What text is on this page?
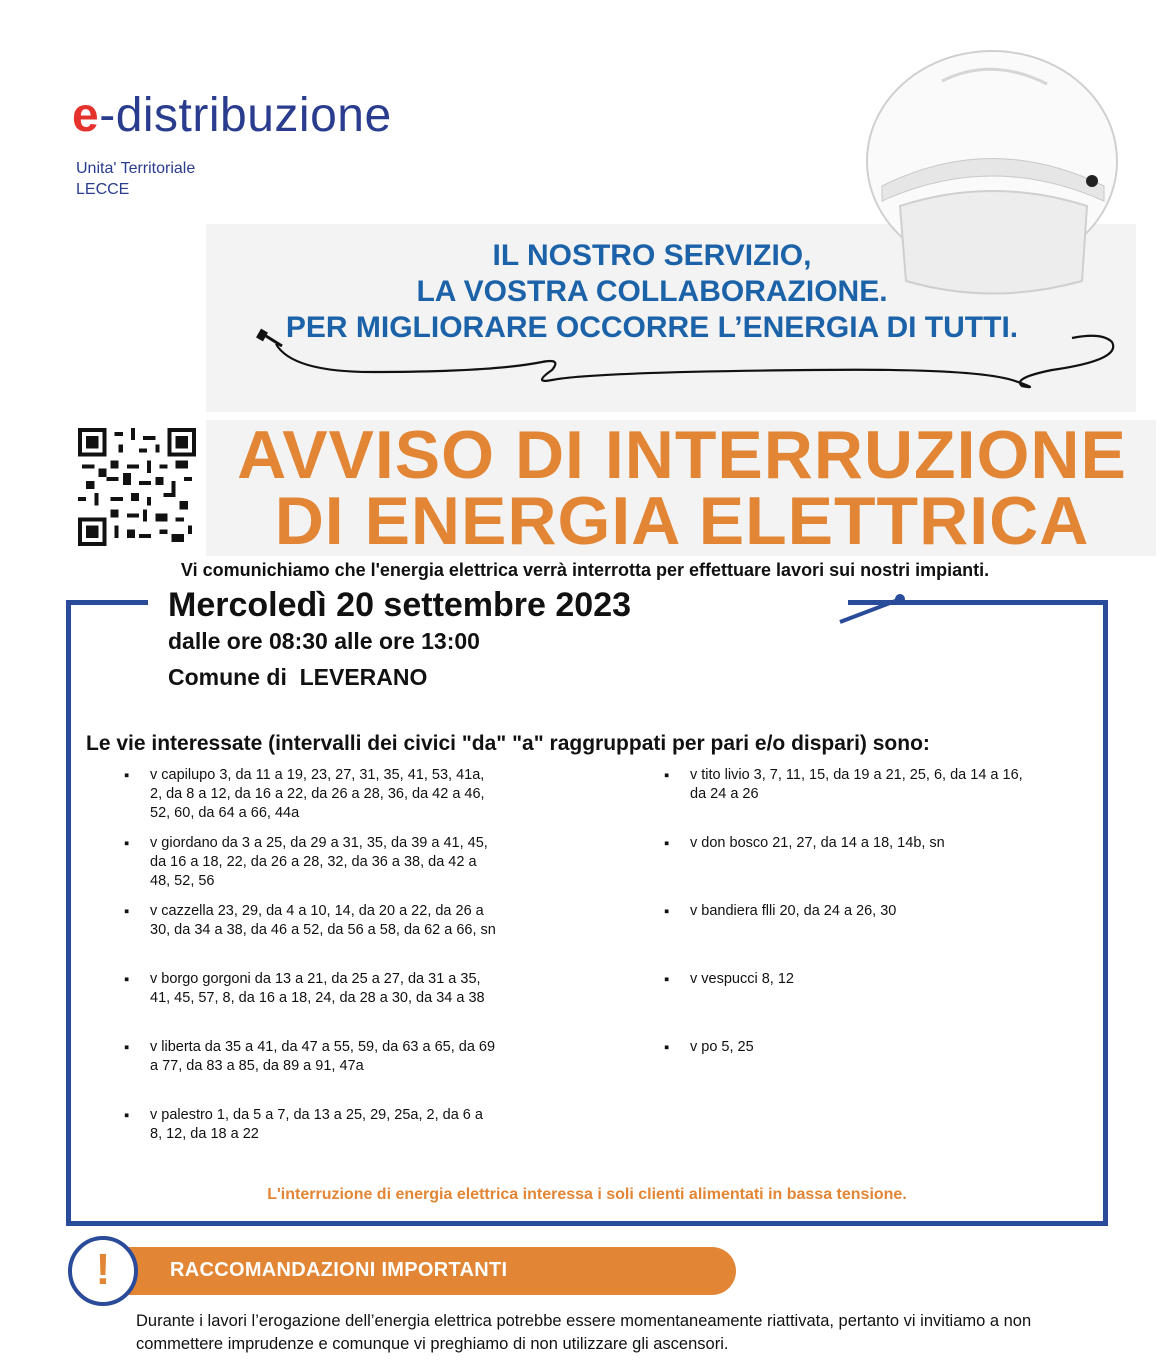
e-distribuzione
Unita' Territoriale
LECCE
IL NOSTRO SERVIZIO,
LA VOSTRA COLLABORAZIONE.
PER MIGLIORARE OCCORRE L’ENERGIA DI TUTTI.
AVVISO DI INTERRUZIONE
DI ENERGIA ELETTRICA
Vi comunichiamo che l'energia elettrica verrà interrotta per effettuare lavori sui nostri impianti.
Mercoledì 20 settembre 2023
dalle ore 08:30 alle ore 13:00
Comune di  LEVERANO
Le vie interessate (intervalli dei civici "da" "a" raggruppati per pari e/o dispari) sono:
▪ v capilupo 3, da 11 a 19, 23, 27, 31, 35, 41, 53, 41a,
2, da 8 a 12, da 16 a 22, da 26 a 28, 36, da 42 a 46,
52, 60, da 64 a 66, 44a
▪ v giordano da 3 a 25, da 29 a 31, 35, da 39 a 41, 45,
da 16 a 18, 22, da 26 a 28, 32, da 36 a 38, da 42 a
48, 52, 56
▪ v cazzella 23, 29, da 4 a 10, 14, da 20 a 22, da 26 a
30, da 34 a 38, da 46 a 52, da 56 a 58, da 62 a 66, sn
▪ v borgo gorgoni da 13 a 21, da 25 a 27, da 31 a 35,
41, 45, 57, 8, da 16 a 18, 24, da 28 a 30, da 34 a 38
▪ v liberta da 35 a 41, da 47 a 55, 59, da 63 a 65, da 69
a 77, da 83 a 85, da 89 a 91, 47a
▪ v palestro 1, da 5 a 7, da 13 a 25, 29, 25a, 2, da 6 a
8, 12, da 18 a 22
▪ v tito livio 3, 7, 11, 15, da 19 a 21, 25, 6, da 14 a 16,
da 24 a 26
▪ v don bosco 21, 27, da 14 a 18, 14b, sn
▪ v bandiera flli 20, da 24 a 26, 30
▪ v vespucci 8, 12
▪ v po 5, 25
L'interruzione di energia elettrica interessa i soli clienti alimentati in bassa tensione.
!	RACCOMANDAZIONI IMPORTANTI
Durante i lavori l’erogazione dell’energia elettrica potrebbe essere momentaneamente riattivata, pertanto vi invitiamo a non commettere imprudenze e comunque vi preghiamo di non utilizzare gli ascensori.
